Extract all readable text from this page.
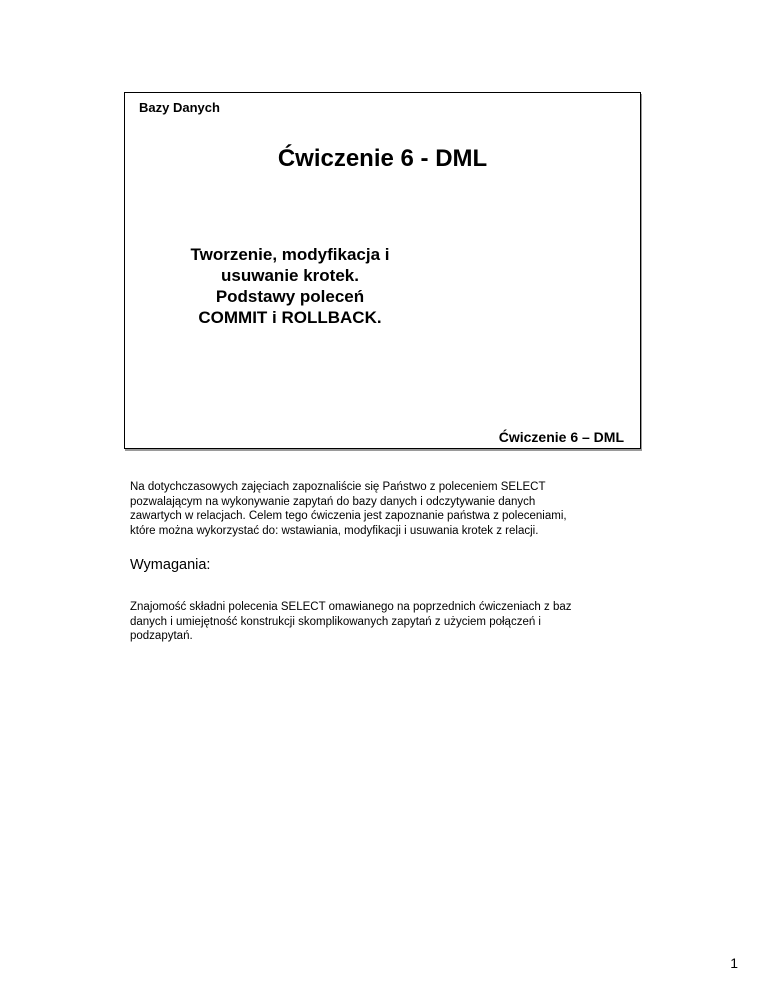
Bazy Danych
Ćwiczenie 6 - DML
Tworzenie, modyfikacja i
usuwanie krotek.
Podstawy poleceń
COMMIT i ROLLBACK.
Ćwiczenie 6 – DML
Na dotychczasowych zajęciach zapoznaliście się Państwo z poleceniem SELECT
pozwalającym na wykonywanie zapytań do bazy danych i odczytywanie danych
zawartych w relacjach. Celem tego ćwiczenia jest zapoznanie państwa z poleceniami,
które można wykorzystać do: wstawiania, modyfikacji i usuwania krotek z relacji.
Wymagania:
Znajomość składni polecenia SELECT omawianego na poprzednich ćwiczeniach z baz
danych i umiejętność konstrukcji skomplikowanych zapytań z użyciem połączeń i
podzapytań.
1
